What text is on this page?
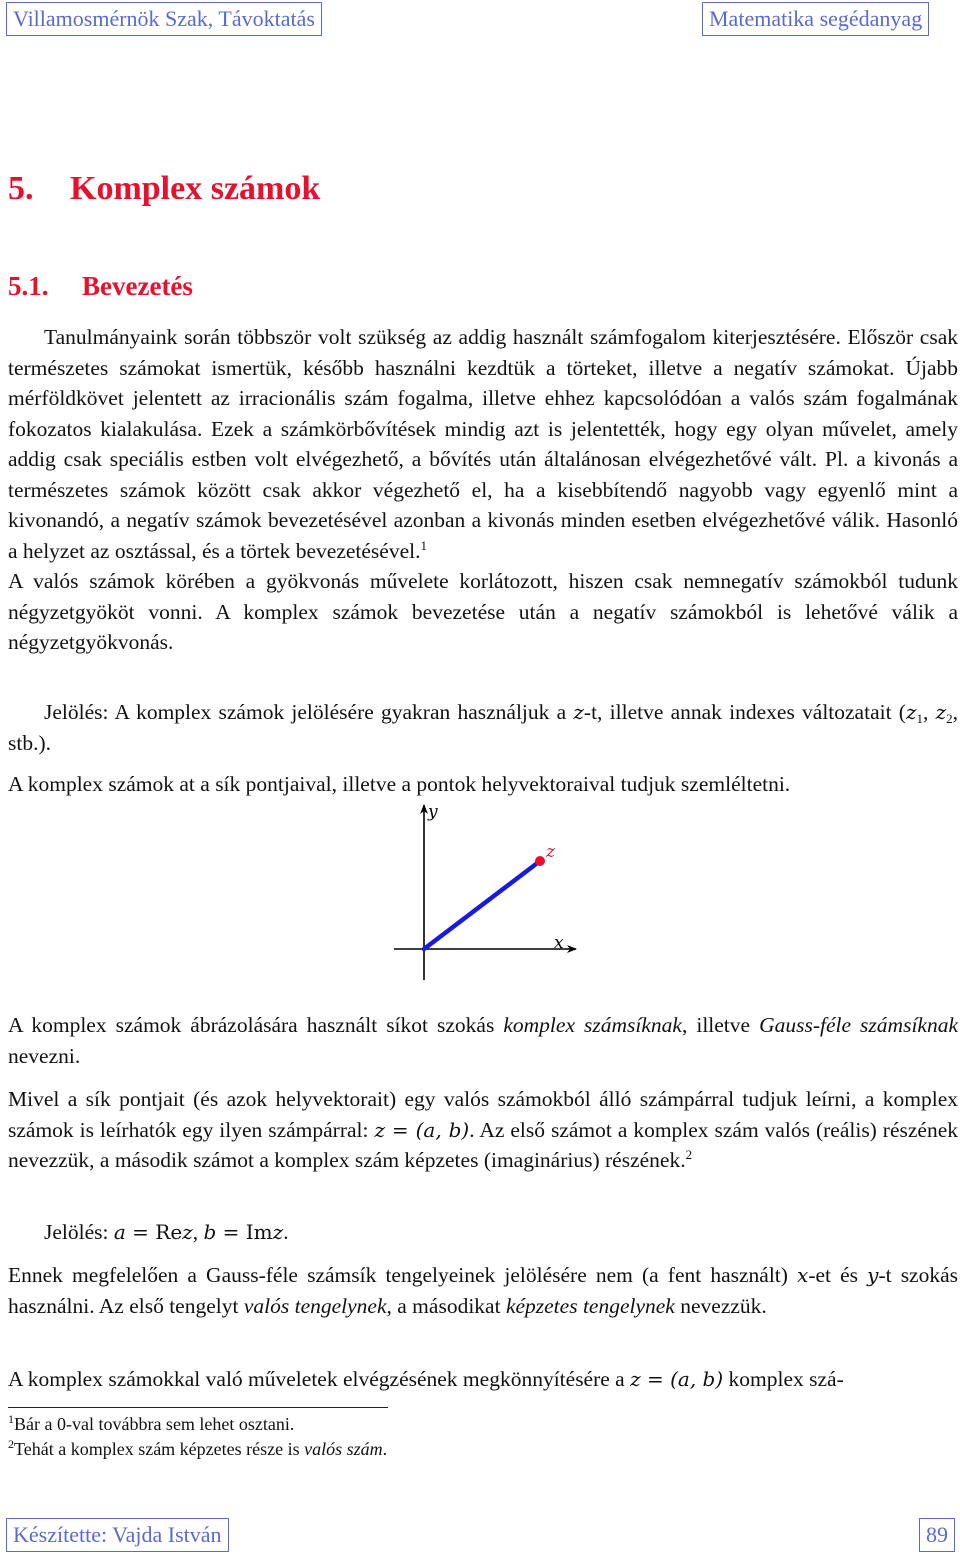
Villamosmérnök Szak, Távoktatás	Matematika segédanyag
5. Komplex számok
5.1. Bevezetés

Tanulmányaink során többször volt szükség az addig használt számfogalom kiterjesztésére. Először csak természetes számokat ismertük, később használni kezdtük a törteket, illetve a negatív számokat. Újabb mérföldkövet jelentett az irracionális szám fogalma, illetve ehhez kapcsolódóan a valós szám fogalmának fokozatos kialakulása. Ezek a számkörbővítések mindig azt is jelentették, hogy egy olyan művelet, amely addig csak speciális estben volt elvégezhető, a bővítés után általánosan elvégezhetővé vált. Pl. a kivonás a természetes számok között csak akkor végezhető el, ha a kisebbítendő nagyobb vagy egyenlő mint a kivonandó, a negatív számok bevezetésével azonban a kivonás minden esetben elvégezhetővé válik. Hasonló a helyzet az osztással, és a törtek bevezetésével.$^1$
A valós számok körében a gyökvonás művelete korlátozott, hiszen csak nemnegatív számokból tudunk négyzetgyököt vonni. A komplex számok bevezetése után a negatív számokból is lehetővé válik a négyzetgyökvonás.

Jelölés: A komplex számok jelölésére gyakran használjuk a z-t, illetve annak indexes változatait ($z_1$, $z_2$, stb.).

A komplex számok at a sík pontjaival, illetve a pontok helyvektoraival tudjuk szemléltetni.

y
x
z

A komplex számok ábrázolására használt síkot szokás komplex számsíknak, illetve Gauss-féle számsíknak nevezni.

Mivel a sík pontjait (és azok helyvektorait) egy valós számokból álló számpárral tudjuk leírni, a komplex számok is leírhatók egy ilyen számpárral: z = (a, b). Az első számot a komplex szám valós (reális) részének nevezzük, a második számot a komplex szám képzetes (imaginárius) részének.$^2$

Jelölés: a = Rez, b = Imz.

Ennek megfelelően a Gauss-féle számsík tengelyeinek jelölésére nem (a fent használt) x-et és y-t szokás használni. Az első tengelyt valós tengelynek, a másodikat képzetes tengelynek nevezzük.

A komplex számokkal való műveletek elvégzésének megkönnyítésére a z = (a, b) komplex szá-

$^1$Bár a 0-val továbbra sem lehet osztani.
$^2$Tehát a komplex szám képzetes része is valós szám.
Készítette: Vajda István	89
